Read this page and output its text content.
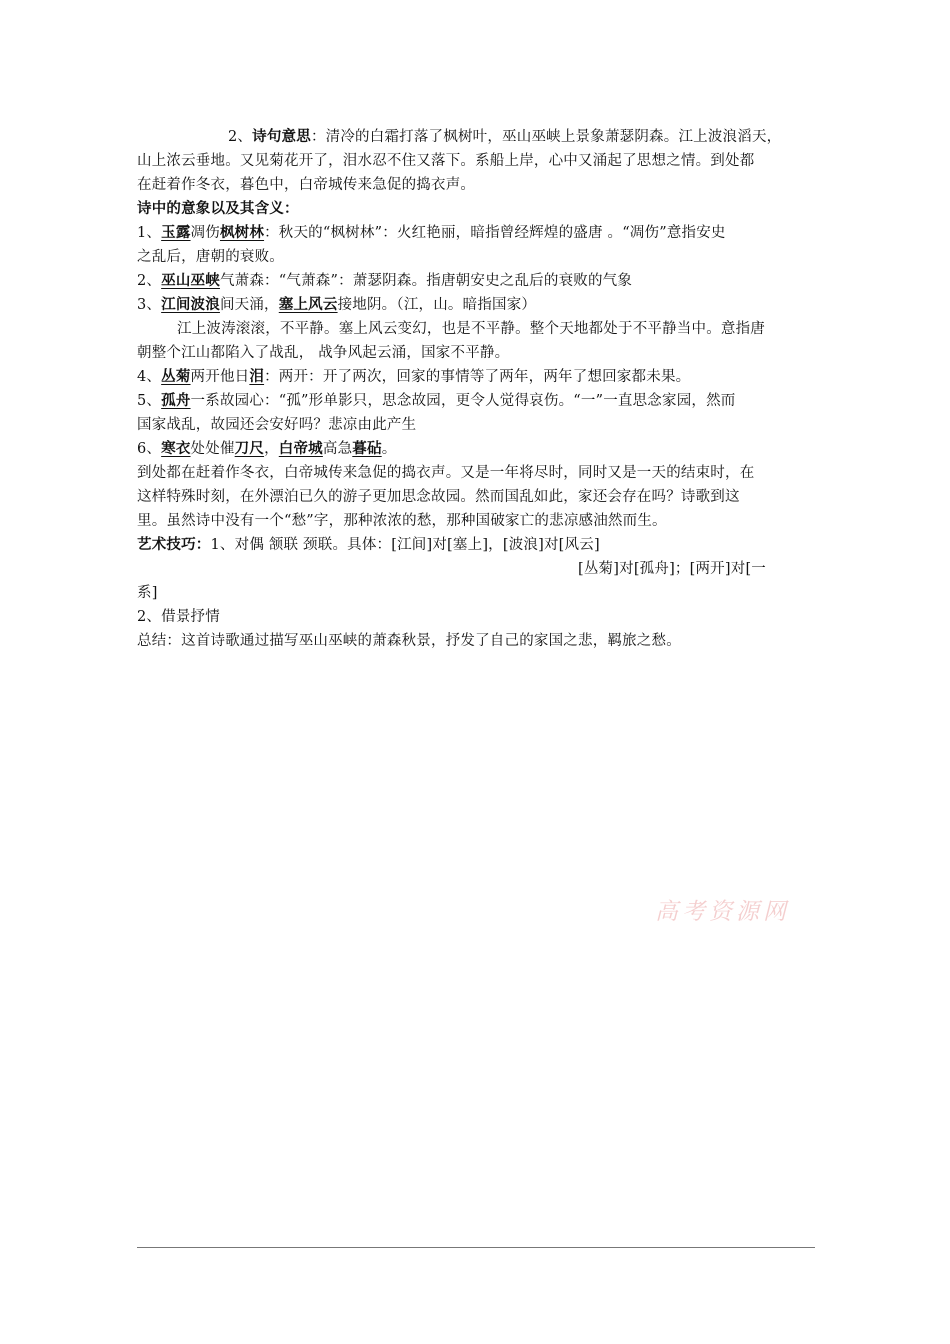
2、诗句意思：清冷的白霜打落了枫树叶，巫山巫峡上景象萧瑟阴森。江上波浪滔天，
山上浓云垂地。又见菊花开了，泪水忍不住又落下。系船上岸，心中又涌起了思想之情。到处都
在赶着作冬衣，暮色中，白帝城传来急促的捣衣声。
诗中的意象以及其含义：
1、玉露凋伤枫树林：秋天的“枫树林”：火红艳丽，暗指曾经辉煌的盛唐 。“凋伤”意指安史
之乱后，唐朝的衰败。
2、巫山巫峡气萧森：“气萧森”：萧瑟阴森。指唐朝安史之乱后的衰败的气象
3、江间波浪间天涌，塞上风云接地阴。（江，山。暗指国家）
江上波涛滚滚，不平静。塞上风云变幻，也是不平静。整个天地都处于不平静当中。意指唐
朝整个江山都陷入了战乱， 战争风起云涌，国家不平静。
4、丛菊两开他日泪：两开：开了两次，回家的事情等了两年，两年了想回家都未果。
5、孤舟一系故园心：“孤”形单影只，思念故园，更令人觉得哀伤。“一”一直思念家园，然而
国家战乱，故园还会安好吗？悲凉由此产生
6、寒衣处处催刀尺，白帝城高急暮砧。
到处都在赶着作冬衣，白帝城传来急促的捣衣声。又是一年将尽时，同时又是一天的结束时，在
这样特殊时刻，在外漂泊已久的游子更加思念故园。然而国乱如此，家还会存在吗？诗歌到这
里。虽然诗中没有一个“愁”字，那种浓浓的愁，那种国破家亡的悲凉感油然而生。
艺术技巧：1、对偶 颔联 颈联。具体：[江间]对[塞上]，[波浪]对[风云]
[丛菊]对[孤舟]；[两开]对[一
系]
2、借景抒情
总结：这首诗歌通过描写巫山巫峡的萧森秋景，抒发了自己的家国之悲，羁旅之愁。
高考资源网
